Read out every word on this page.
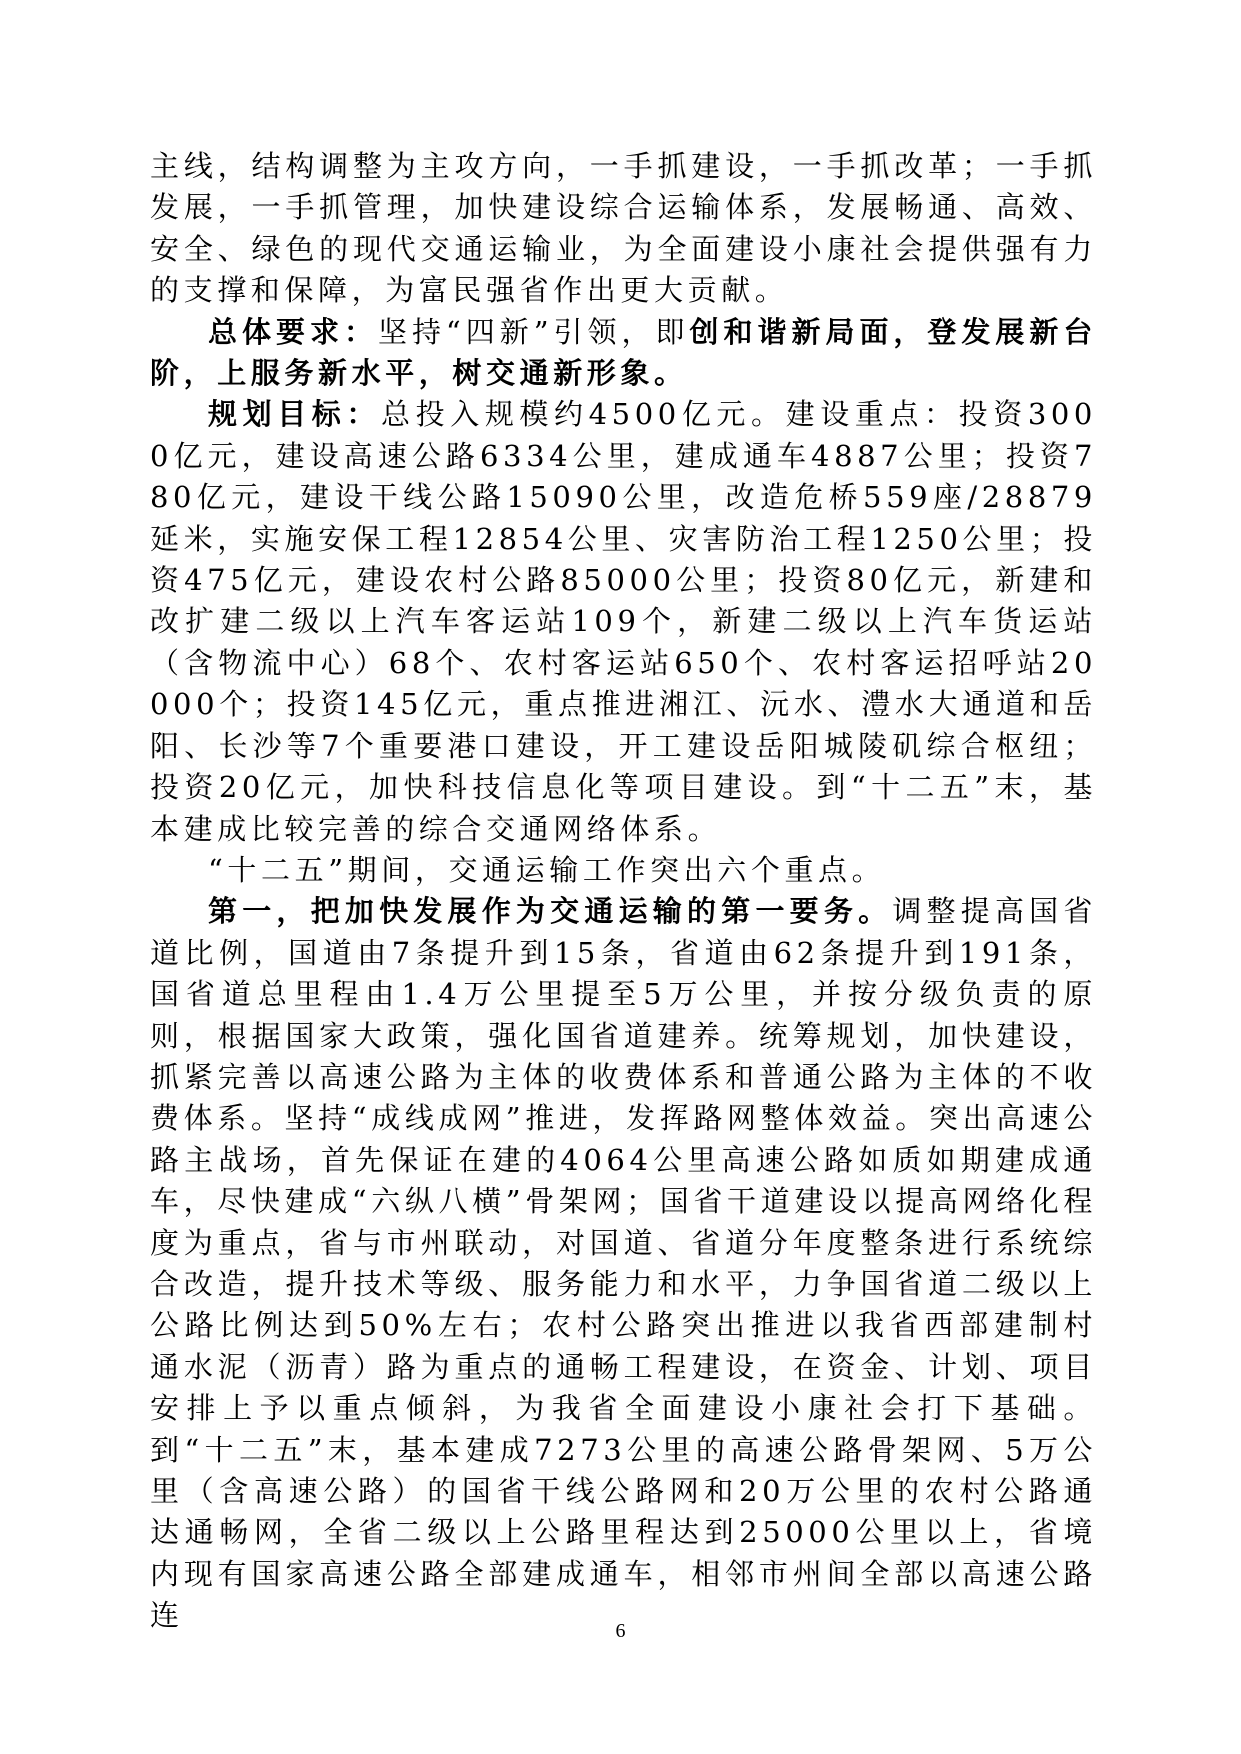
主线，结构调整为主攻方向，一手抓建设，一手抓改革；一手抓发展，一手抓管理，加快建设综合运输体系，发展畅通、高效、安全、绿色的现代交通运输业，为全面建设小康社会提供强有力的支撑和保障，为富民强省作出更大贡献。

总体要求：坚持“四新”引领，即创和谐新局面，登发展新台阶，上服务新水平，树交通新形象。

规划目标：总投入规模约4500亿元。建设重点：投资3000亿元，建设高速公路6334公里，建成通车4887公里；投资780亿元，建设干线公路15090公里，改造危桥559座/28879延米，实施安保工程12854公里、灾害防治工程1250公里；投资475亿元，建设农村公路85000公里；投资80亿元，新建和改扩建二级以上汽车客运站109个，新建二级以上汽车货运站（含物流中心）68个、农村客运站650个、农村客运招呼站20000个；投资145亿元，重点推进湘江、沅水、澧水大通道和岳阳、长沙等7个重要港口建设，开工建设岳阳城陵矶综合枢纽；投资20亿元，加快科技信息化等项目建设。到“十二五”末，基本建成比较完善的综合交通网络体系。

“十二五”期间，交通运输工作突出六个重点。

第一，把加快发展作为交通运输的第一要务。调整提高国省道比例，国道由7条提升到15条，省道由62条提升到191条，国省道总里程由1.4万公里提至5万公里，并按分级负责的原则，根据国家大政策，强化国省道建养。统筹规划，加快建设，抓紧完善以高速公路为主体的收费体系和普通公路为主体的不收费体系。坚持“成线成网”推进，发挥路网整体效益。突出高速公路主战场，首先保证在建的4064公里高速公路如质如期建成通车，尽快建成“六纵八横”骨架网；国省干道建设以提高网络化程度为重点，省与市州联动，对国道、省道分年度整条进行系统综合改造，提升技术等级、服务能力和水平，力争国省道二级以上公路比例达到50%左右；农村公路突出推进以我省西部建制村通水泥（沥青）路为重点的通畅工程建设，在资金、计划、项目安排上予以重点倾斜，为我省全面建设小康社会打下基础。到“十二五”末，基本建成7273公里的高速公路骨架网、5万公里（含高速公路）的国省干线公路网和20万公里的农村公路通达通畅网，全省二级以上公路里程达到25000公里以上，省境内现有国家高速公路全部建成通车，相邻市州间全部以高速公路连	6
